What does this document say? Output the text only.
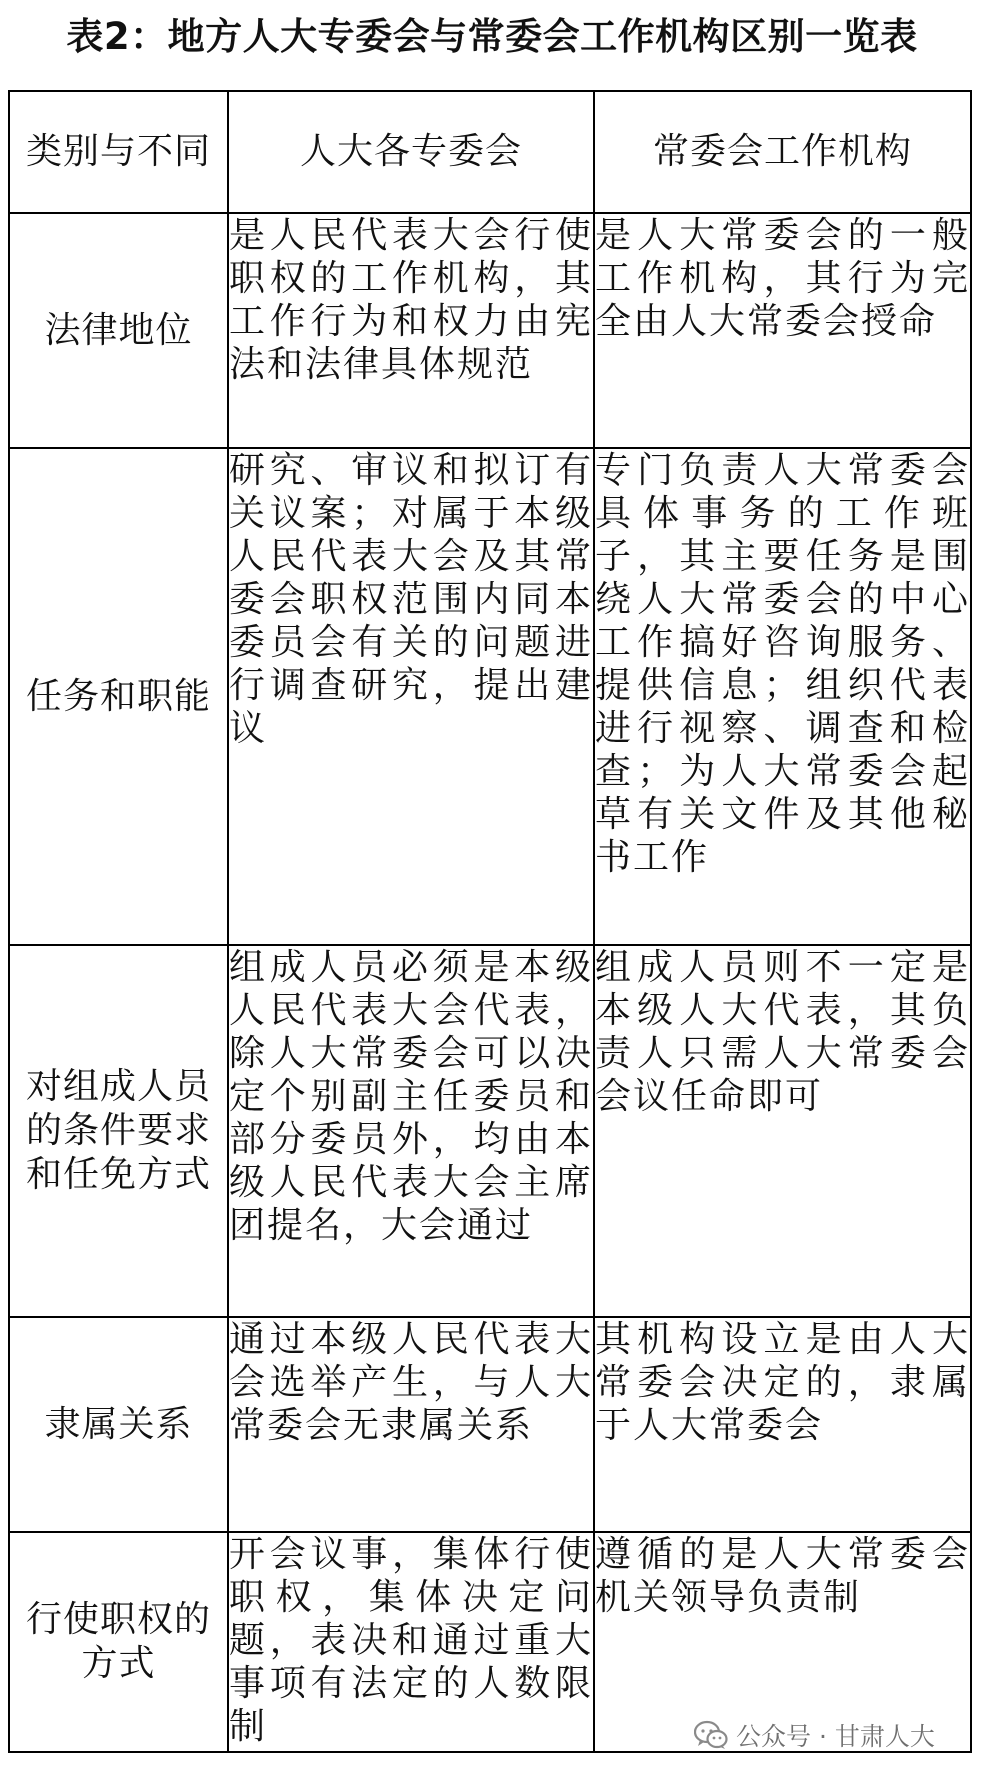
表2：地方人大专委会与常委会工作机构区别一览表
类别与不同	人大各专委会	常委会工作机构
法律地位	是人民代表大会行使职权的工作机构，其工作行为和权力由宪法和法律具体规范	是人大常委会的一般工作机构，其行为完全由人大常委会授命
任务和职能	研究、审议和拟订有关议案；对属于本级人民代表大会及其常委会职权范围内同本委员会有关的问题进行调查研究，提出建议	专门负责人大常委会具体事务的工作班子，其主要任务是围绕人大常委会的中心工作搞好咨询服务、提供信息；组织代表进行视察、调查和检查；为人大常委会起草有关文件及其他秘书工作
对组成人员的条件要求和任免方式	组成人员必须是本级人民代表大会代表，除人大常委会可以决定个别副主任委员和部分委员外，均由本级人民代表大会主席团提名，大会通过	组成人员则不一定是本级人大代表，其负责人只需人大常委会会议任命即可
隶属关系	通过本级人民代表大会选举产生，与人大常委会无隶属关系	其机构设立是由人大常委会决定的，隶属于人大常委会
行使职权的方式	开会议事，集体行使职权，集体决定问题，表决和通过重大事项有法定的人数限制	遵循的是人大常委会机关领导负责制
公众号 · 甘肃人大
